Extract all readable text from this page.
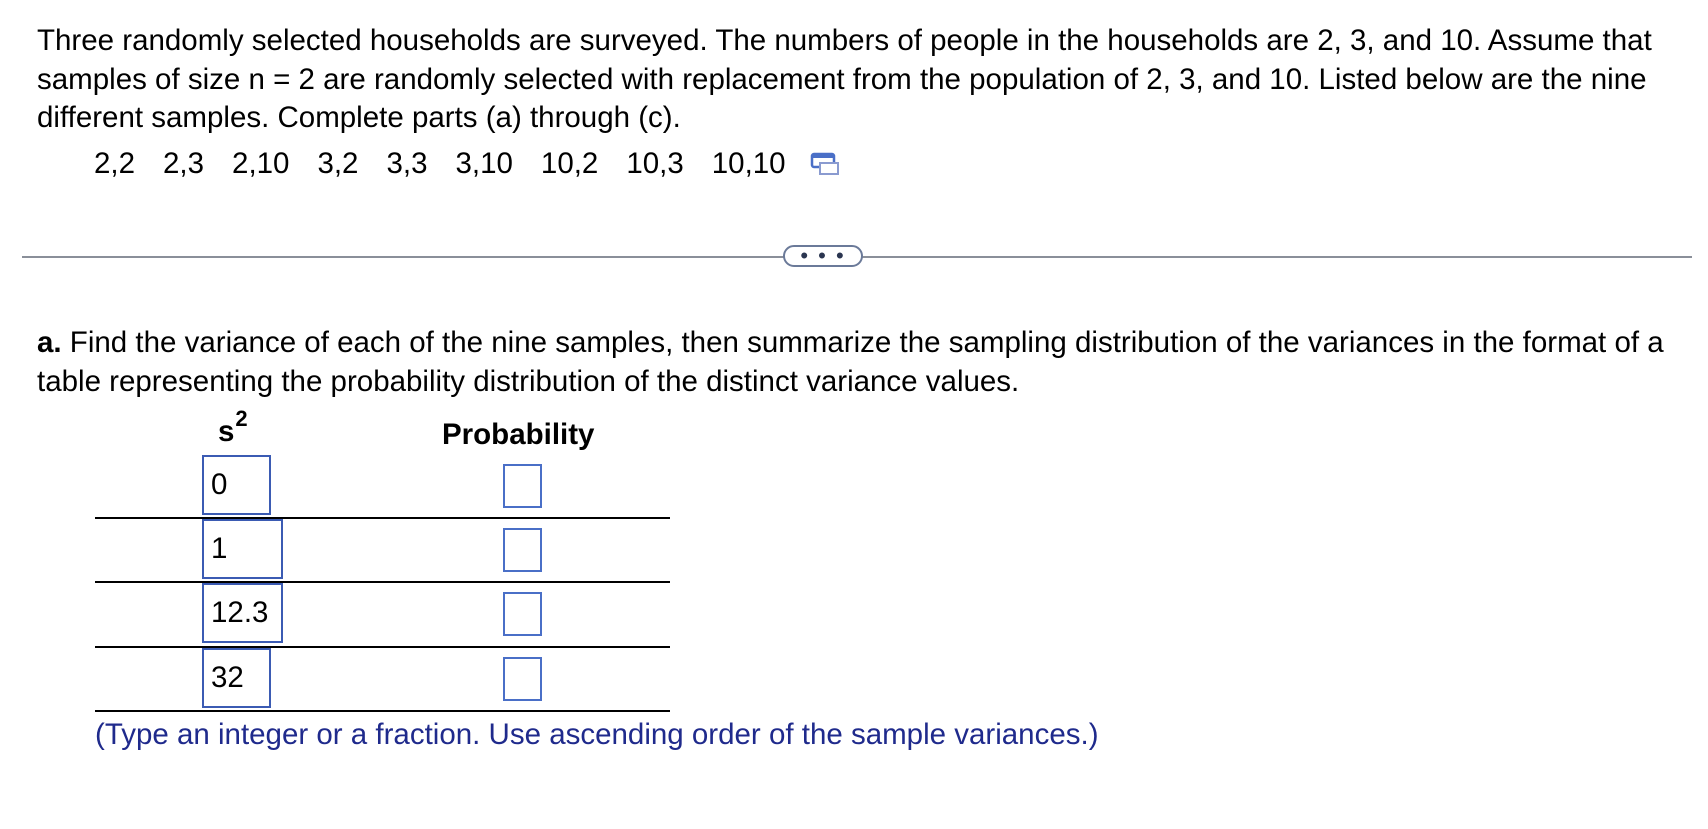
Three randomly selected households are surveyed. The numbers of people in the households are 2, 3, and 10. Assume that samples of size n = 2 are randomly selected with replacement from the population of 2, 3, and 10. Listed below are the nine different samples. Complete parts (a) through (c).
2,2 2,3 2,10 3,2 3,3 3,10 10,2 10,3 10,10
• • •
a. Find the variance of each of the nine samples, then summarize the sampling distribution of the variances in the format of a table representing the probability distribution of the distinct variance values.
$s^2$	Probability
0
1
12.3
32
(Type an integer or a fraction. Use ascending order of the sample variances.)
